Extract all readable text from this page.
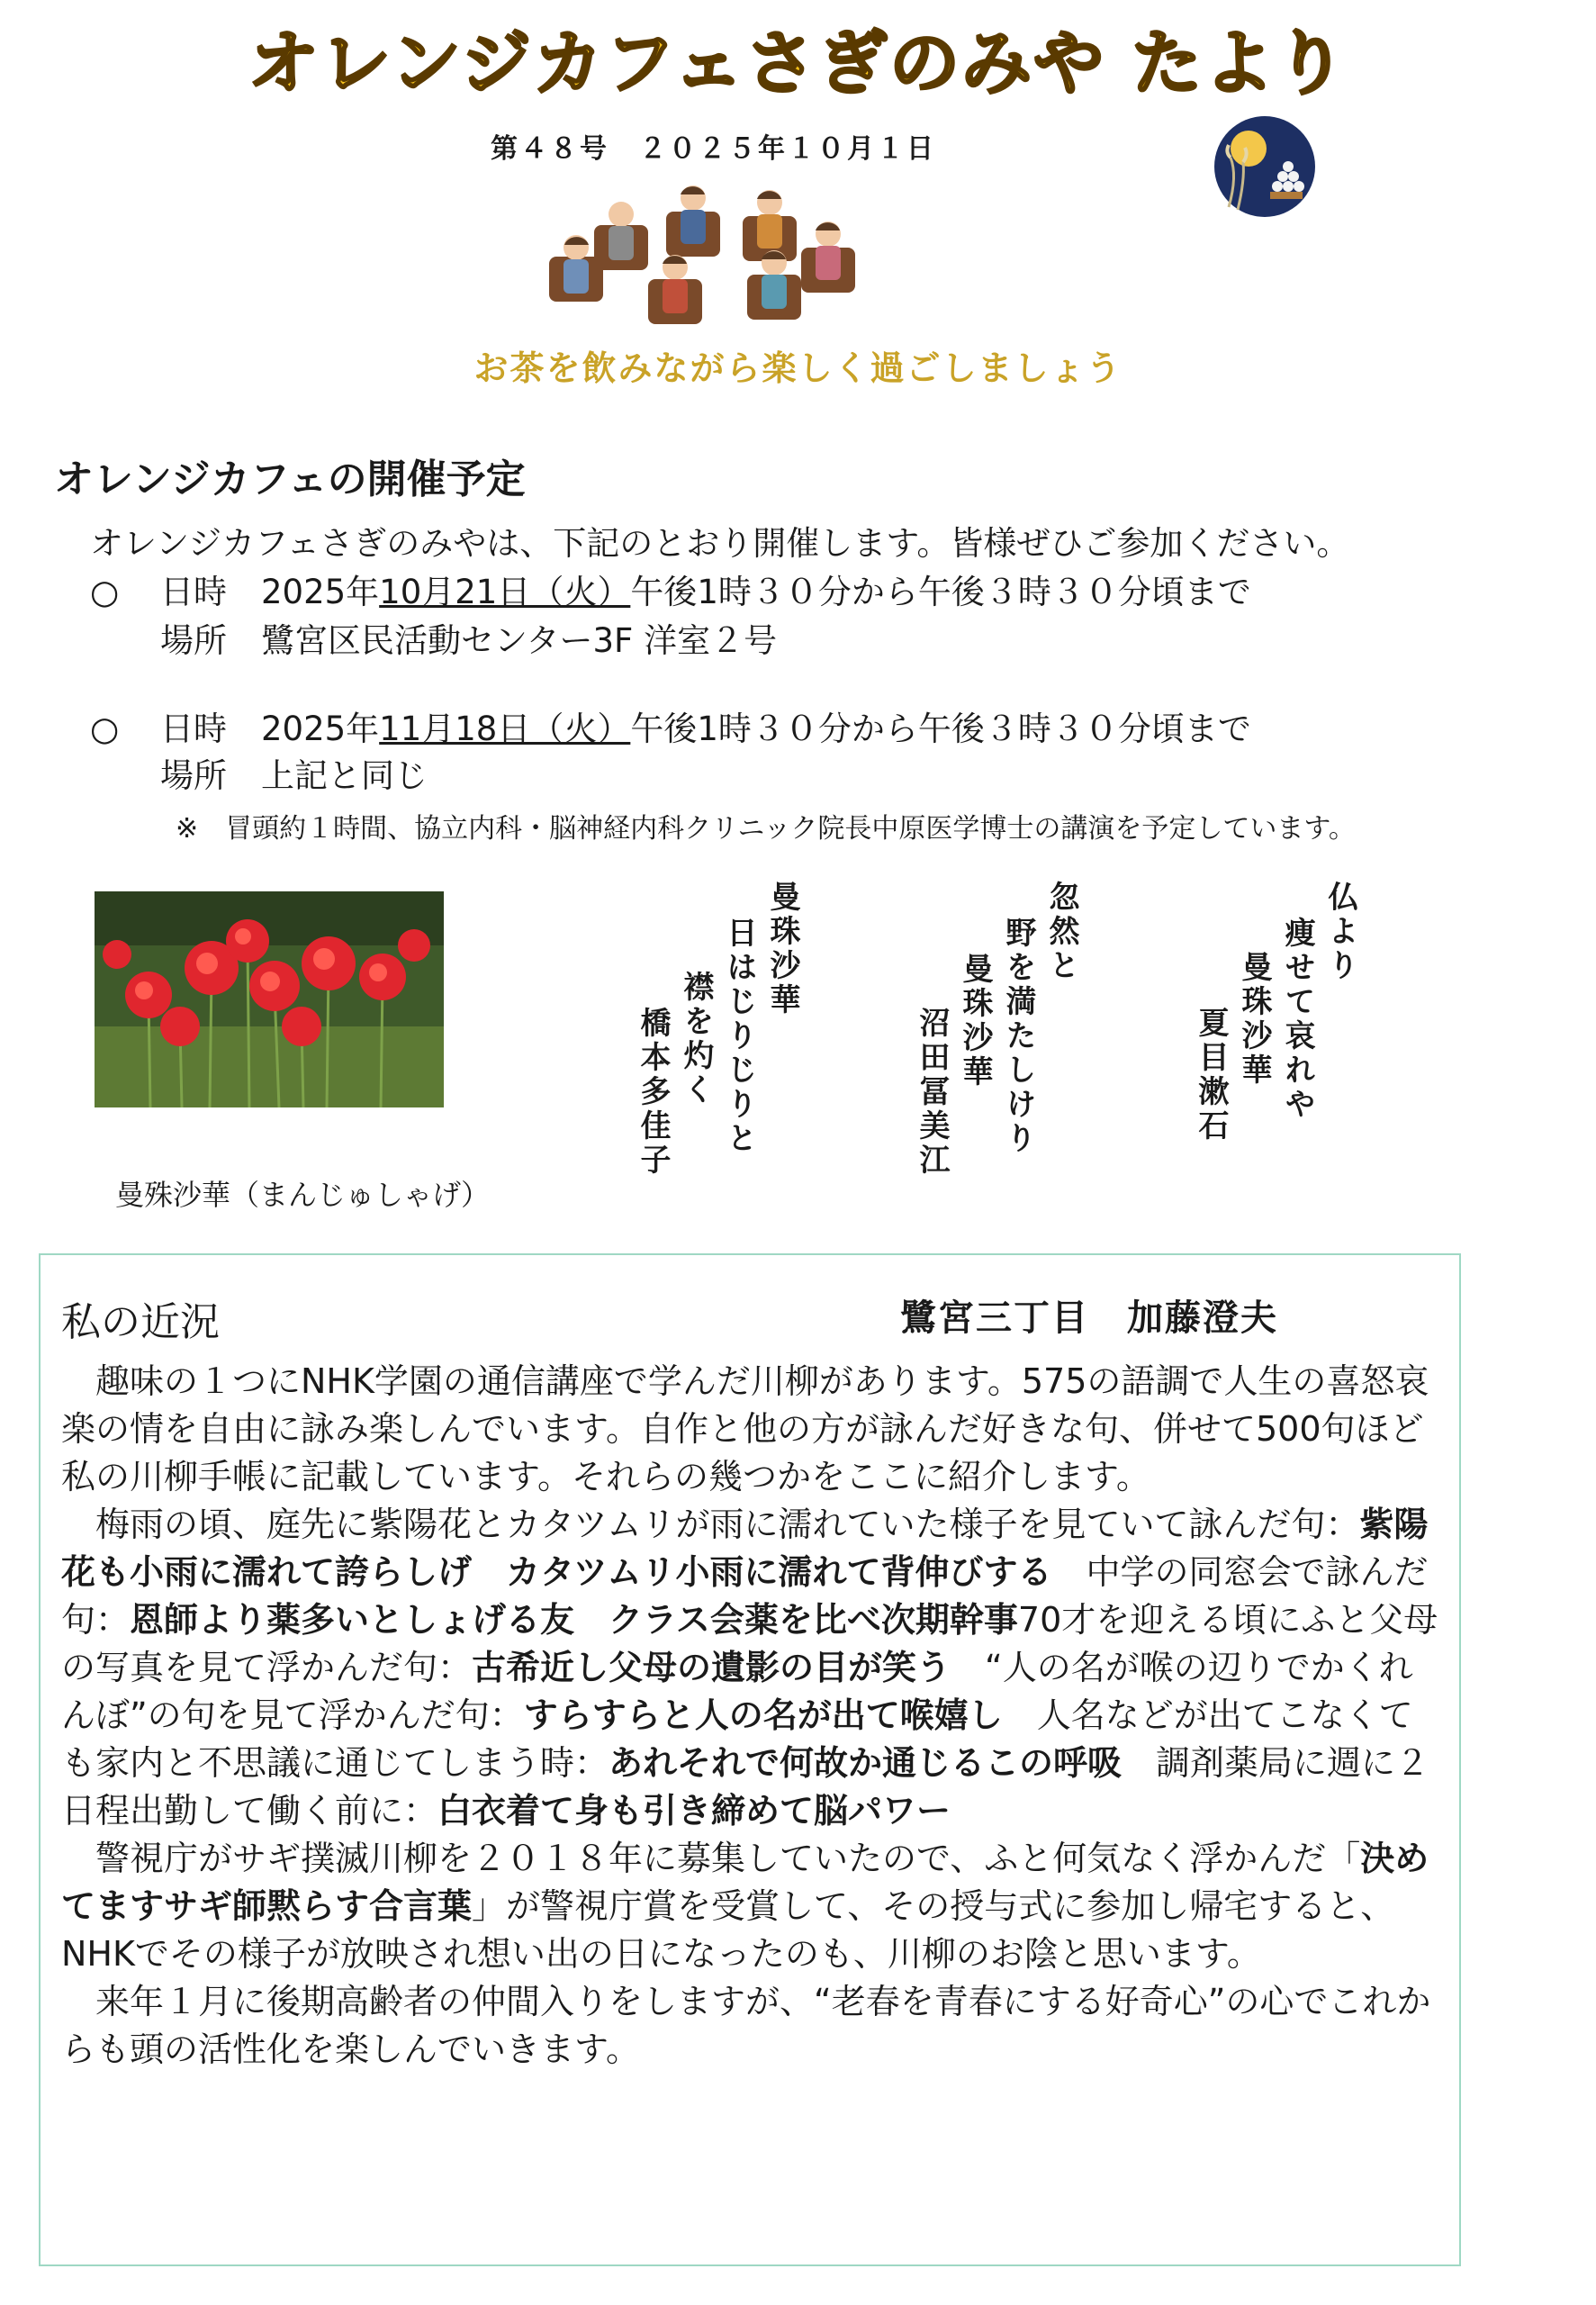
オレンジカフェさぎのみや たより
第４８号　２０２５年１０月１日
お茶を飲みながら楽しく過ごしましょう
オレンジカフェの開催予定
オレンジカフェさぎのみやは、下記のとおり開催します。皆様ぜひご参加ください。
○ 日時 2025年10月21日（火）午後1時３０分から午後３時３０分頃まで
場所 鷺宮区民活動センター3F 洋室２号
○ 日時 2025年11月18日（火）午後1時３０分から午後３時３０分頃まで
場所 上記と同じ
※　冒頭約１時間、協立内科・脳神経内科クリニック院長中原医学博士の講演を予定しています。
曼殊沙華（まんじゅしゃげ）
仏より
痩せて哀れや
曼珠沙華
夏目漱石
忽然と
野を満たしけり
曼珠沙華
沼田冨美江
曼珠沙華
日はじりじりと
襟を灼く
橋本多佳子
私の近況	鷺宮三丁目　加藤澄夫

趣味の１つにNHK学園の通信講座で学んだ川柳があります。575の語調で人生の喜怒哀楽の情を自由に詠み楽しんでいます。自作と他の方が詠んだ好きな句、併せて500句ほど私の川柳手帳に記載しています。それらの幾つかをここに紹介します。

梅雨の頃、庭先に紫陽花とカタツムリが雨に濡れていた様子を見ていて詠んだ句：紫陽花も小雨に濡れて誇らしげ　カタツムリ小雨に濡れて背伸びする　中学の同窓会で詠んだ句：恩師より薬多いとしょげる友　クラス会薬を比べ次期幹事70才を迎える頃にふと父母の写真を見て浮かんだ句：古希近し父母の遺影の目が笑う　“人の名が喉の辺りでかくれんぼ”の句を見て浮かんだ句：すらすらと人の名が出て喉嬉し　人名などが出てこなくても家内と不思議に通じてしまう時：あれそれで何故か通じるこの呼吸　調剤薬局に週に２日程出勤して働く前に：白衣着て身も引き締めて脳パワー

警視庁がサギ撲滅川柳を２０１８年に募集していたので、ふと何気なく浮かんだ「決めてますサギ師黙らす合言葉」が警視庁賞を受賞して、その授与式に参加し帰宅すると、NHKでその様子が放映され想い出の日になったのも、川柳のお陰と思います。

来年１月に後期高齢者の仲間入りをしますが、“老春を青春にする好奇心”の心でこれからも頭の活性化を楽しんでいきます。
